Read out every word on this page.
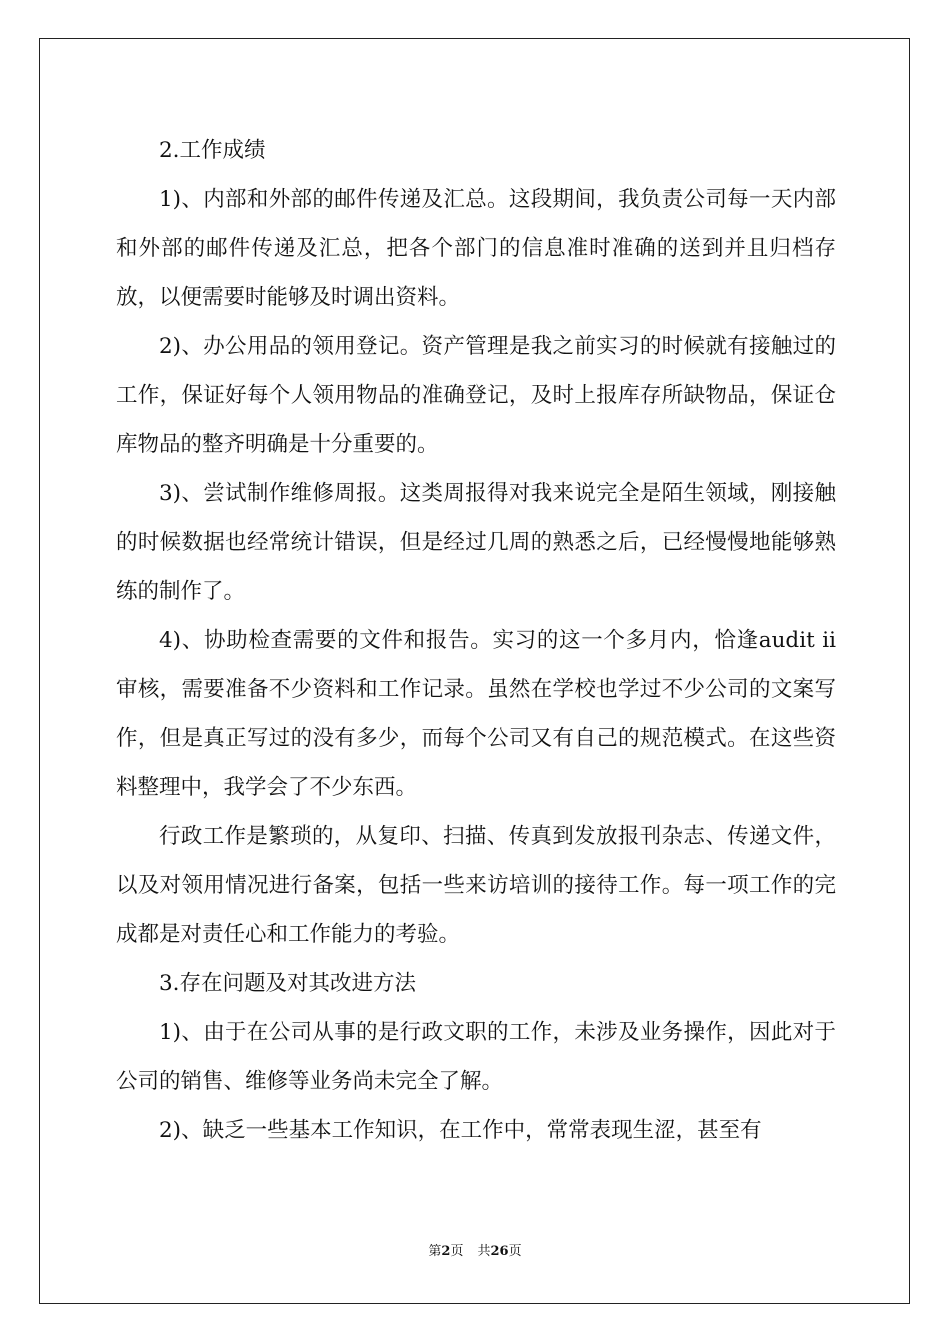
2.工作成绩

1)、内部和外部的邮件传递及汇总。这段期间，我负责公司每一天内部和外部的邮件传递及汇总，把各个部门的信息准时准确的送到并且归档存放，以便需要时能够及时调出资料。

2)、办公用品的领用登记。资产管理是我之前实习的时候就有接触过的工作，保证好每个人领用物品的准确登记，及时上报库存所缺物品，保证仓库物品的整齐明确是十分重要的。

3)、尝试制作维修周报。这类周报得对我来说完全是陌生领域，刚接触的时候数据也经常统计错误，但是经过几周的熟悉之后，已经慢慢地能够熟练的制作了。

4)、协助检查需要的文件和报告。实习的这一个多月内，恰逢audit ii 审核，需要准备不少资料和工作记录。虽然在学校也学过不少公司的文案写作，但是真正写过的没有多少，而每个公司又有自己的规范模式。在这些资料整理中，我学会了不少东西。

行政工作是繁琐的，从复印、扫描、传真到发放报刊杂志、传递文件，以及对领用情况进行备案，包括一些来访培训的接待工作。每一项工作的完成都是对责任心和工作能力的考验。

3.存在问题及对其改进方法

1)、由于在公司从事的是行政文职的工作，未涉及业务操作，因此对于公司的销售、维修等业务尚未完全了解。

2)、缺乏一些基本工作知识，在工作中，常常表现生涩，甚至有

第2页 共26页
